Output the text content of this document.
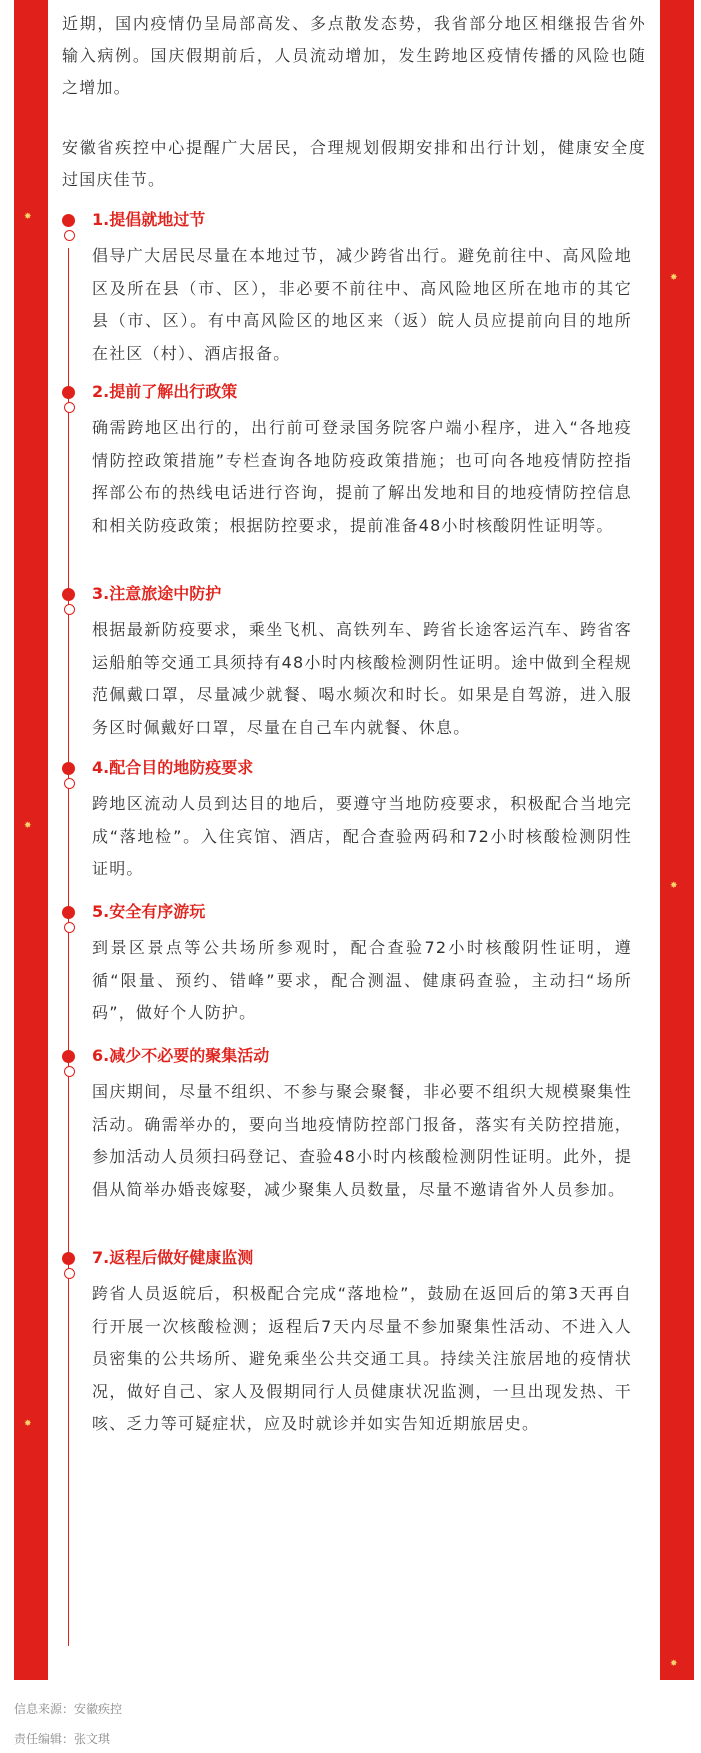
✸
✸
✸
✸
✸
✸

近期，国内疫情仍呈局部高发、多点散发态势，我省部分地区相继报告省外输入病例。国庆假期前后，人员流动增加，发生跨地区疫情传播的风险也随之增加。

安徽省疾控中心提醒广大居民，合理规划假期安排和出行计划，健康安全度过国庆佳节。

1.提倡就地过节
倡导广大居民尽量在本地过节，减少跨省出行。避免前往中、高风险地区及所在县（市、区），非必要不前往中、高风险地区所在地市的其它县（市、区）。有中高风险区的地区来（返）皖人员应提前向目的地所在社区（村）、酒店报备。
2.提前了解出行政策
确需跨地区出行的，出行前可登录国务院客户端小程序，进入“各地疫情防控政策措施”专栏查询各地防疫政策措施；也可向各地疫情防控指挥部公布的热线电话进行咨询，提前了解出发地和目的地疫情防控信息和相关防疫政策；根据防控要求，提前准备48小时核酸阴性证明等。
3.注意旅途中防护
根据最新防疫要求，乘坐飞机、高铁列车、跨省长途客运汽车、跨省客运船舶等交通工具须持有48小时内核酸检测阴性证明。途中做到全程规范佩戴口罩，尽量减少就餐、喝水频次和时长。如果是自驾游，进入服务区时佩戴好口罩，尽量在自己车内就餐、休息。
4.配合目的地防疫要求
跨地区流动人员到达目的地后，要遵守当地防疫要求，积极配合当地完成“落地检”。入住宾馆、酒店，配合查验两码和72小时核酸检测阴性证明。
5.安全有序游玩
到景区景点等公共场所参观时，配合查验72小时核酸阴性证明，遵循“限量、预约、错峰”要求，配合测温、健康码查验，主动扫“场所码”，做好个人防护。
6.减少不必要的聚集活动
国庆期间，尽量不组织、不参与聚会聚餐，非必要不组织大规模聚集性活动。确需举办的，要向当地疫情防控部门报备，落实有关防控措施，参加活动人员须扫码登记、查验48小时内核酸检测阴性证明。此外，提倡从简举办婚丧嫁娶，减少聚集人员数量，尽量不邀请省外人员参加。
7.返程后做好健康监测
跨省人员返皖后，积极配合完成“落地检”，鼓励在返回后的第3天再自行开展一次核酸检测；返程后7天内尽量不参加聚集性活动、不进入人员密集的公共场所、避免乘坐公共交通工具。持续关注旅居地的疫情状况，做好自己、家人及假期同行人员健康状况监测，一旦出现发热、干咳、乏力等可疑症状，应及时就诊并如实告知近期旅居史。
信息来源：安徽疾控
责任编辑：张文琪
